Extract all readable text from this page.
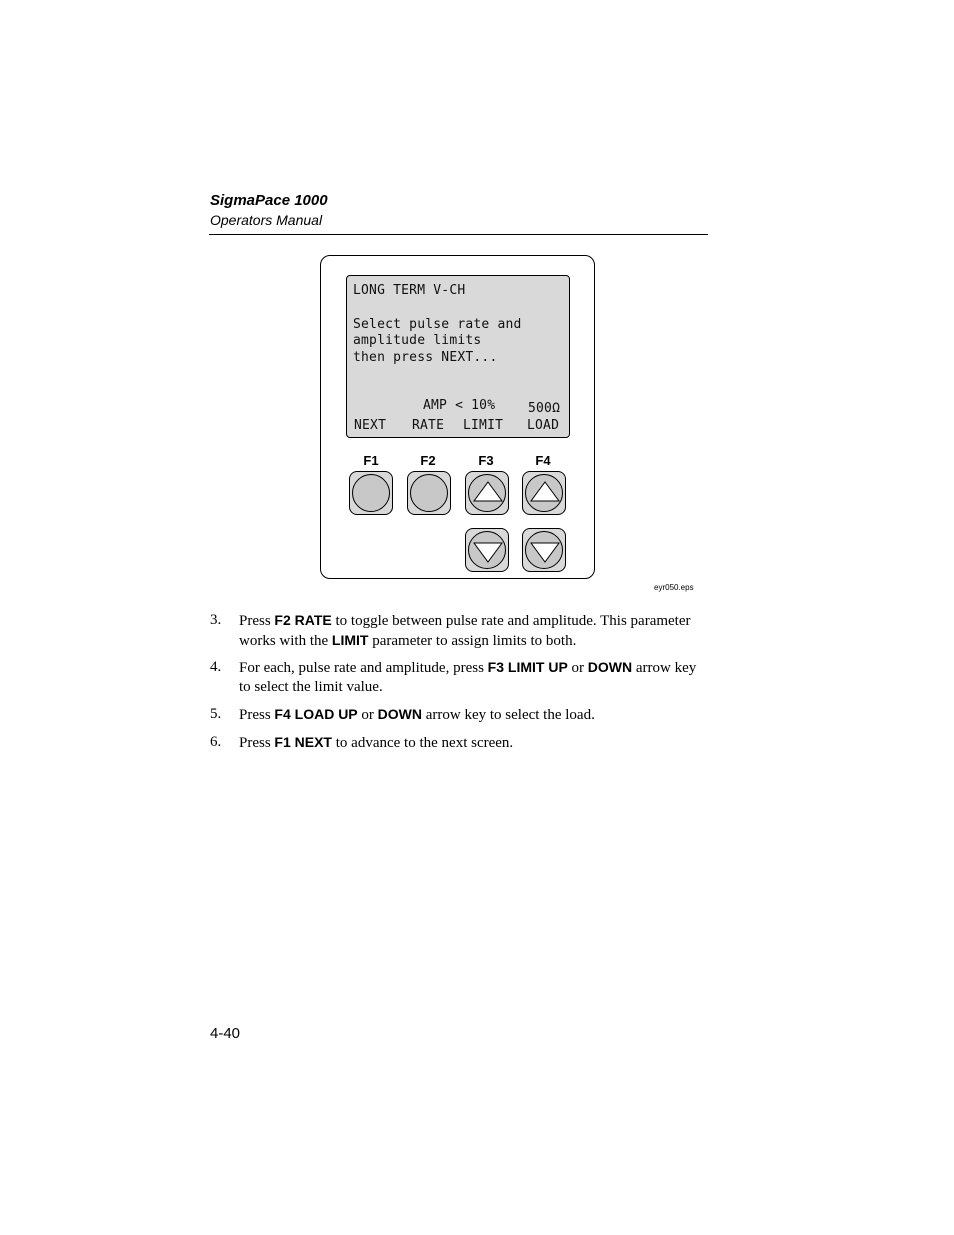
SigmaPace 1000
Operators Manual
LONG TERM V-CH
Select pulse rate and
amplitude limits
then press NEXT...
AMP < 10%	500Ω
NEXT RATE LIMIT LOAD
F1	F2	F3	F4
eyr050.eps
3. Press F2 RATE to toggle between pulse rate and amplitude. This parameter works with the LIMIT parameter to assign limits to both.
4. For each, pulse rate and amplitude, press F3 LIMIT UP or DOWN arrow key to select the limit value.
5. Press F4 LOAD UP or DOWN arrow key to select the load.
6. Press F1 NEXT to advance to the next screen.
4-40
